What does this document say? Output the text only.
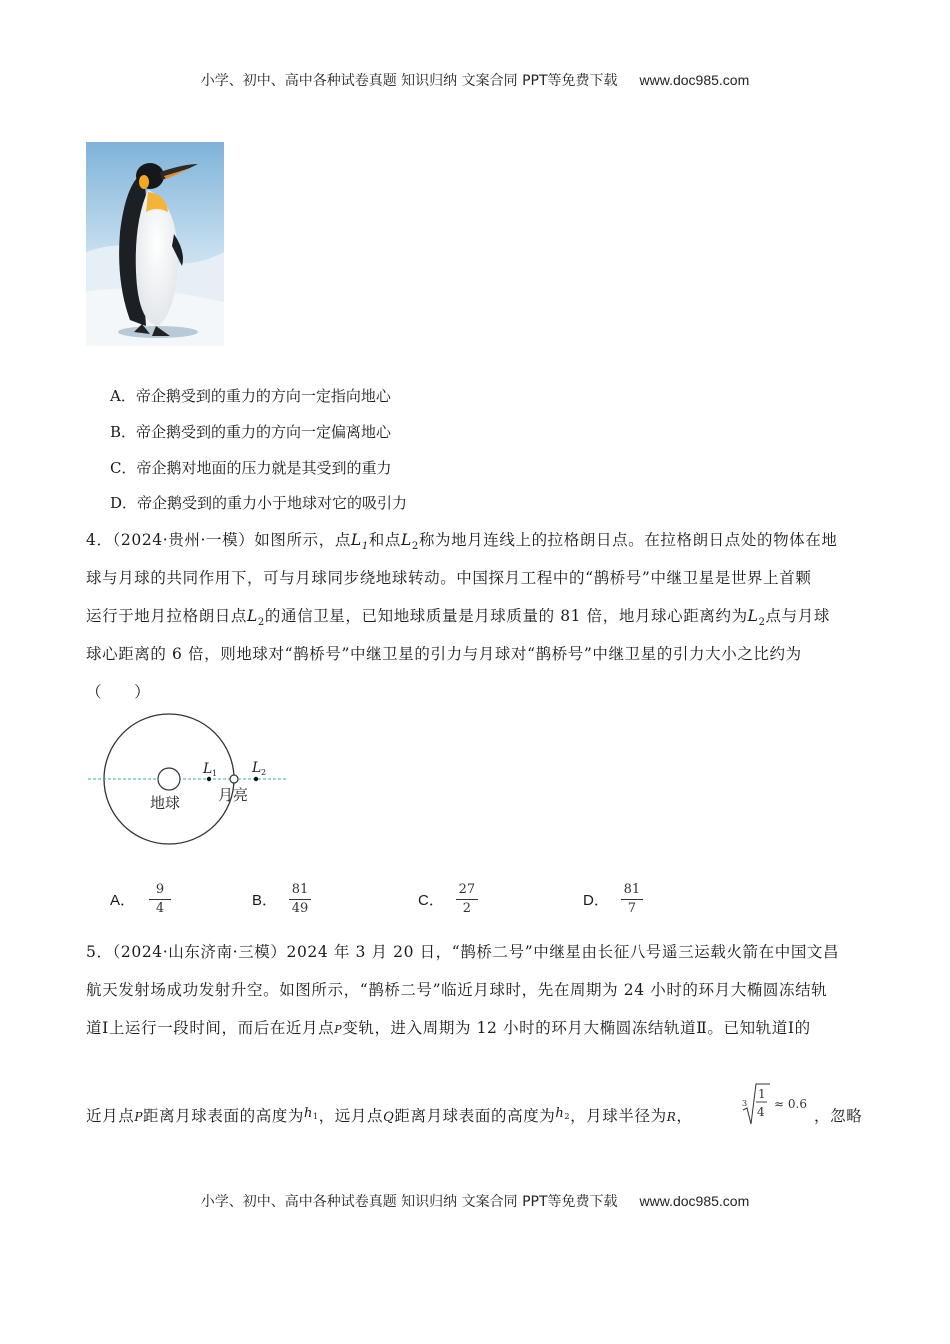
小学、初中、高中各种试卷真题 知识归纳 文案合同 PPT等免费下载 www.doc985.com
A．帝企鹅受到的重力的方向一定指向地心
B．帝企鹅受到的重力的方向一定偏离地心
C．帝企鹅对地面的压力就是其受到的重力
D．帝企鹅受到的重力小于地球对它的吸引力
4．（2024·贵州·一模）如图所示，点$L_1$和点$L_2$称为地月连线上的拉格朗日点。在拉格朗日点处的物体在地
球与月球的共同作用下，可与月球同步绕地球转动。中国探月工程中的“鹊桥号”中继卫星是世界上首颗
运行于地月拉格朗日点$L_2$的通信卫星，已知地球质量是月球质量的 81 倍，地月球心距离约为$L_2$点与月球
球心距离的 6 倍，则地球对“鹊桥号”中继卫星的引力与月球对“鹊桥号”中继卫星的引力大小之比约为
（　　）
L 1 L 2
地球	月亮
A． $\frac{9}{4}$	B． $\frac{81}{49}$	C． $\frac{27}{2}$	D． $\frac{81}{7}$
5．（2024·山东济南·三模）2024 年 3 月 20 日，“鹊桥二号”中继星由长征八号遥三运载火箭在中国文昌
航天发射场成功发射升空。如图所示，“鹊桥二号”临近月球时，先在周期为 24 小时的环月大椭圆冻结轨
道Ⅰ上运行一段时间，而后在近月点P变轨，进入周期为 12 小时的环月大椭圆冻结轨道Ⅱ。已知轨道Ⅰ的
近月点P距离月球表面的高度为$^h_1$，远月点Q距离月球表面的高度为$^h_2$，月球半径为R，
3
1
4
≈ 0.6
，忽略
小学、初中、高中各种试卷真题 知识归纳 文案合同 PPT等免费下载 www.doc985.com
